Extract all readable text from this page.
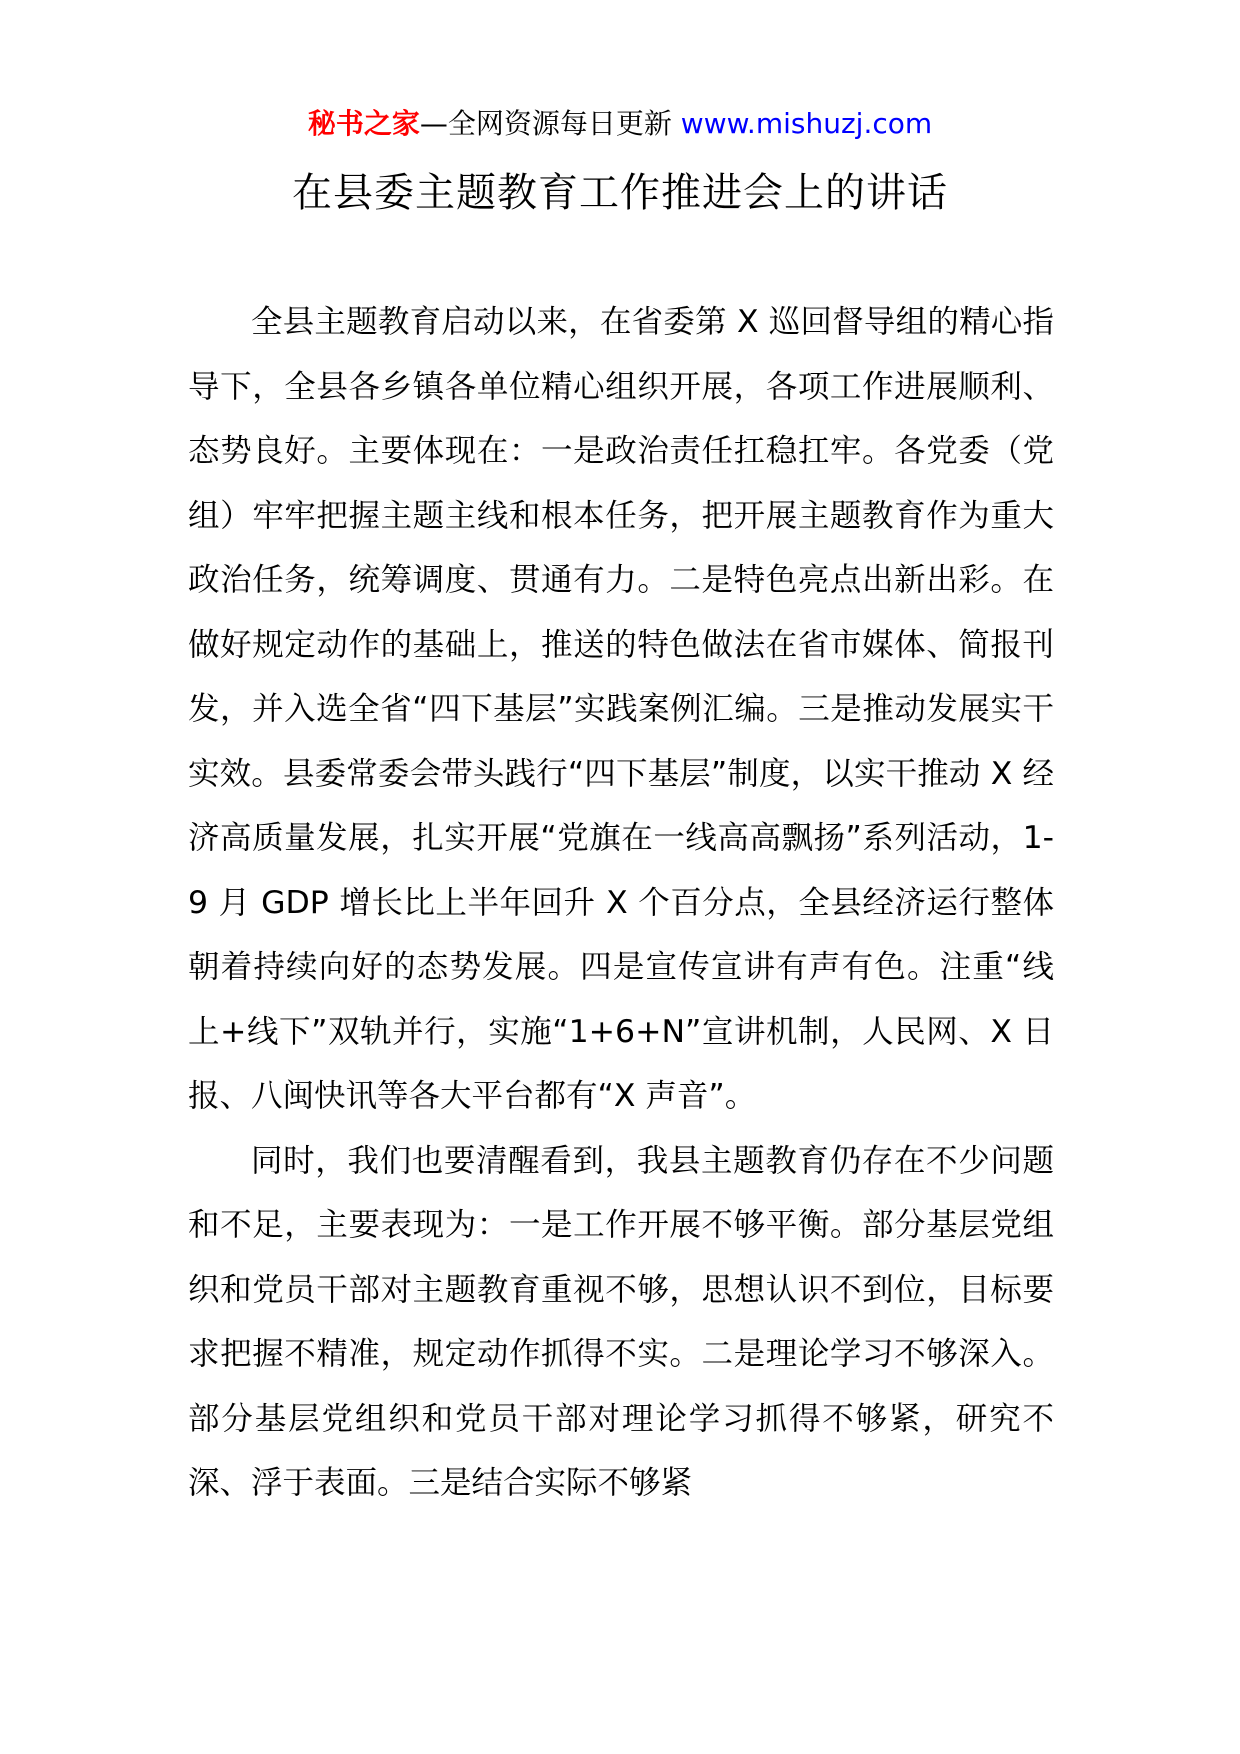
秘书之家—全网资源每日更新 www.mishuzj.com
在县委主题教育工作推进会上的讲话

全县主题教育启动以来，在省委第 X 巡回督导组的精心指导下，全县各乡镇各单位精心组织开展，各项工作进展顺利、态势良好。主要体现在：一是政治责任扛稳扛牢。各党委（党组）牢牢把握主题主线和根本任务，把开展主题教育作为重大政治任务，统筹调度、贯通有力。二是特色亮点出新出彩。在做好规定动作的基础上，推送的特色做法在省市媒体、简报刊发，并入选全省“四下基层”实践案例汇编。三是推动发展实干实效。县委常委会带头践行“四下基层”制度，以实干推动 X 经济高质量发展，扎实开展“党旗在一线高高飘扬”系列活动，1-9 月 GDP 增长比上半年回升 X 个百分点，全县经济运行整体朝着持续向好的态势发展。四是宣传宣讲有声有色。注重“线上+线下”双轨并行，实施“1+6+N”宣讲机制，人民网、X 日报、八闽快讯等各大平台都有“X 声音”。

同时，我们也要清醒看到，我县主题教育仍存在不少问题和不足，主要表现为：一是工作开展不够平衡。部分基层党组织和党员干部对主题教育重视不够，思想认识不到位，目标要求把握不精准，规定动作抓得不实。二是理论学习不够深入。部分基层党组织和党员干部对理论学习抓得不够紧，研究不深、浮于表面。三是结合实际不够紧
